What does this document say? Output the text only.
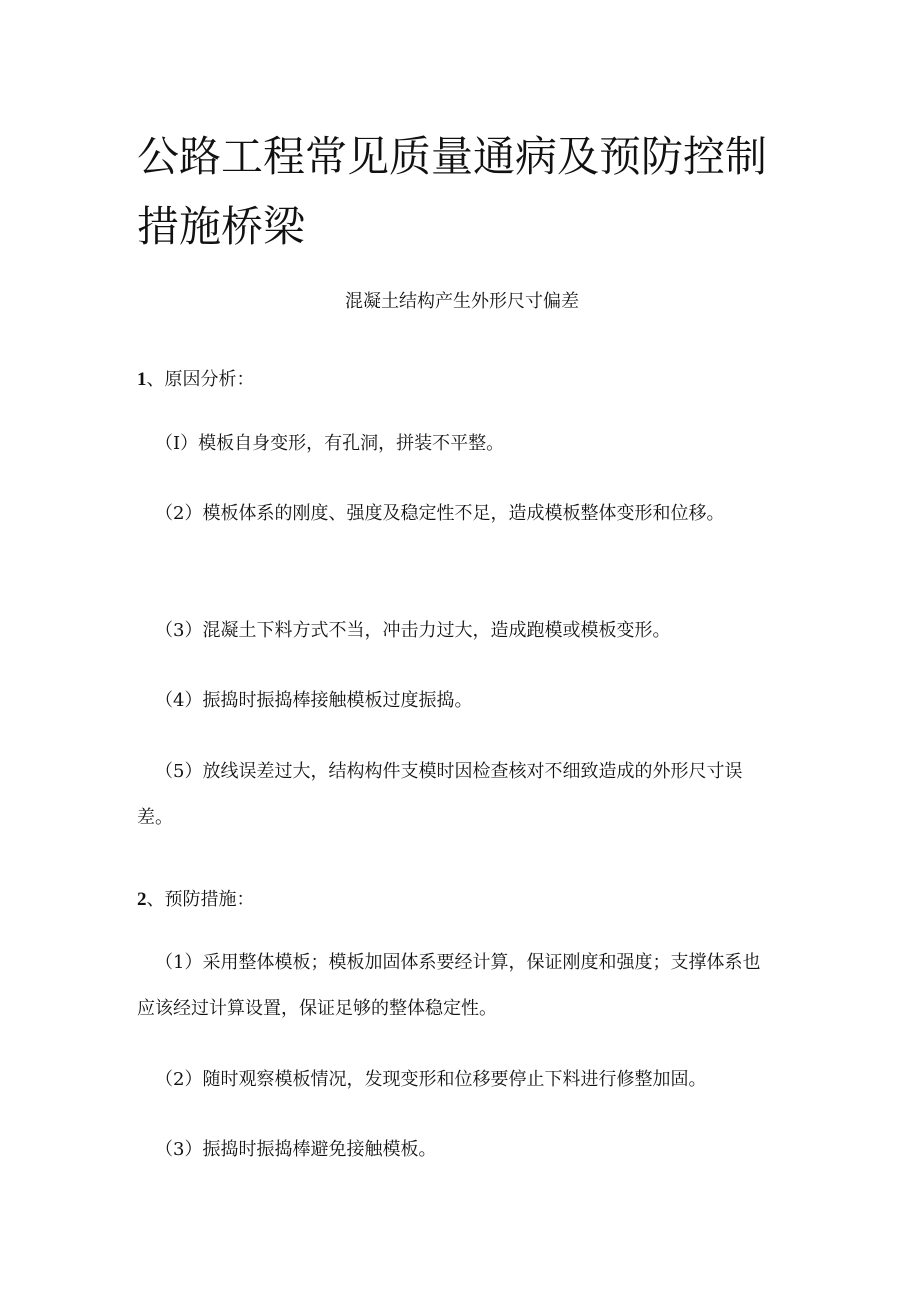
公路工程常见质量通病及预防控制措施桥梁

混凝土结构产生外形尺寸偏差

1、原因分析：

（I）模板自身变形，有孔洞，拼装不平整。

（2）模板体系的刚度、强度及稳定性不足，造成模板整体变形和位移。

（3）混凝土下料方式不当，冲击力过大，造成跑模或模板变形。

（4）振捣时振捣棒接触模板过度振捣。

（5）放线误差过大，结构构件支模时因检查核对不细致造成的外形尺寸误差。

2、预防措施：

（1）采用整体模板；模板加固体系要经计算，保证刚度和强度；支撑体系也应该经过计算设置，保证足够的整体稳定性。

（2）随时观察模板情况，发现变形和位移要停止下料进行修整加固。

（3）振捣时振捣棒避免接触模板。
